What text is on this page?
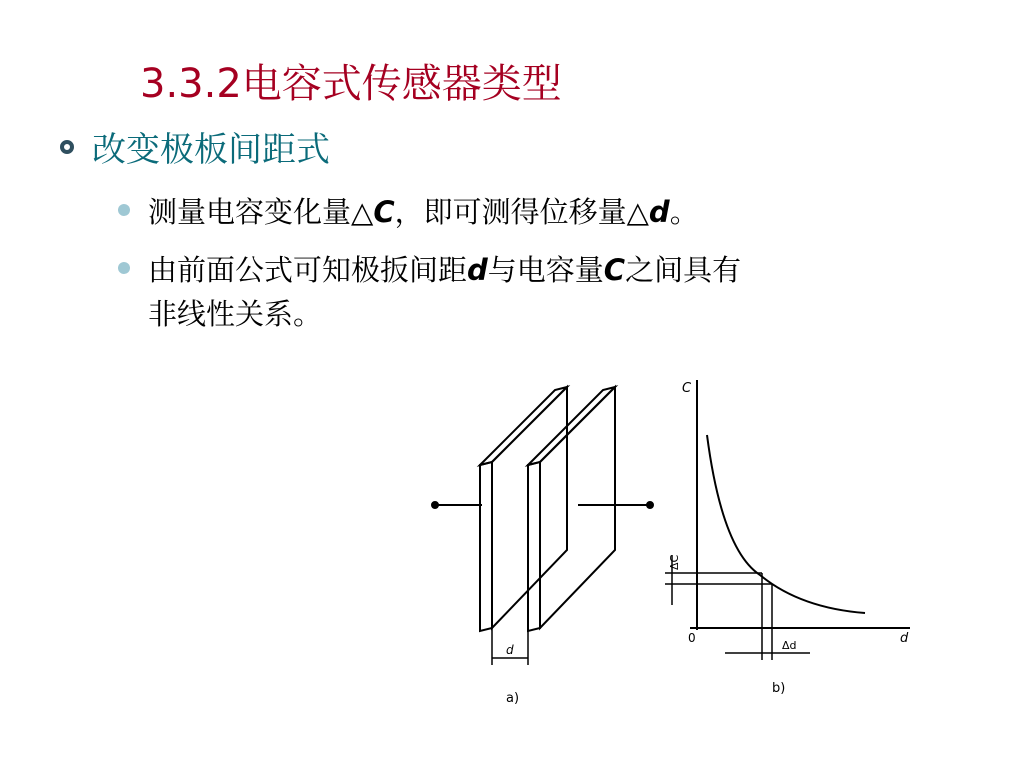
3.3.2电容式传感器类型
改变极板间距式
测量电容变化量△C，即可测得位移量△d。
由前面公式可知极扳间距d与电容量C之间具有
非线性关系。
d
a)
C
d
0
ΔC
Δd
b)
